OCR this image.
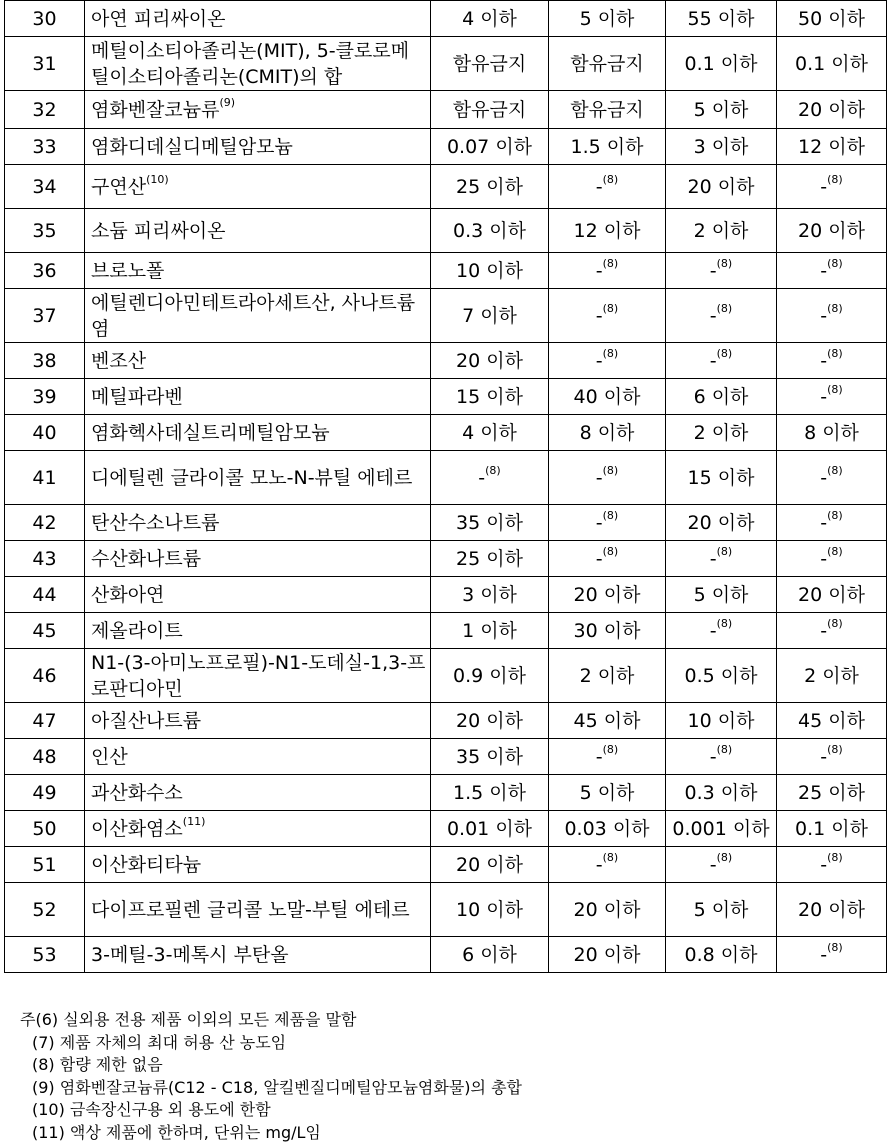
30	아연 피리싸이온	4 이하	5 이하	55 이하	50 이하
31	메틸이소티아졸리논(MIT), 5-클로로메틸이소티아졸리논(CMIT)의 합	함유금지	함유금지	0.1 이하	0.1 이하
32	염화벤잘코늄류$^{(9)}$	함유금지	함유금지	5 이하	20 이하
33	염화디데실디메틸암모늄	0.07 이하	1.5 이하	3 이하	12 이하
34	구연산$^{(10)}$	25 이하	-$^{(8)}$	20 이하	-$^{(8)}$
35	소듐 피리싸이온	0.3 이하	12 이하	2 이하	20 이하
36	브로노폴	10 이하	-$^{(8)}$	-$^{(8)}$	-$^{(8)}$
37	에틸렌디아민테트라아세트산, 사나트륨염	7 이하	-$^{(8)}$	-$^{(8)}$	-$^{(8)}$
38	벤조산	20 이하	-$^{(8)}$	-$^{(8)}$	-$^{(8)}$
39	메틸파라벤	15 이하	40 이하	6 이하	-$^{(8)}$
40	염화헥사데실트리메틸암모늄	4 이하	8 이하	2 이하	8 이하
41	디에틸렌 글라이콜 모노-N-뷰틸 에테르	-$^{(8)}$	-$^{(8)}$	15 이하	-$^{(8)}$
42	탄산수소나트륨	35 이하	-$^{(8)}$	20 이하	-$^{(8)}$
43	수산화나트륨	25 이하	-$^{(8)}$	-$^{(8)}$	-$^{(8)}$
44	산화아연	3 이하	20 이하	5 이하	20 이하
45	제올라이트	1 이하	30 이하	-$^{(8)}$	-$^{(8)}$
46	N1-(3-아미노프로필)-N1-도데실-1,3-프로판디아민	0.9 이하	2 이하	0.5 이하	2 이하
47	아질산나트륨	20 이하	45 이하	10 이하	45 이하
48	인산	35 이하	-$^{(8)}$	-$^{(8)}$	-$^{(8)}$
49	과산화수소	1.5 이하	5 이하	0.3 이하	25 이하
50	이산화염소$^{(11)}$	0.01 이하	0.03 이하	0.001 이하	0.1 이하
51	이산화티타늄	20 이하	-$^{(8)}$	-$^{(8)}$	-$^{(8)}$
52	다이프로필렌 글리콜 노말-부틸 에테르	10 이하	20 이하	5 이하	20 이하
53	3-메틸-3-메톡시 부탄올	6 이하	20 이하	0.8 이하	-$^{(8)}$
주(6) 실외용 전용 제품 이외의 모든 제품을 말함
(7) 제품 자체의 최대 허용 산 농도임
(8) 함량 제한 없음
(9) 염화벤잘코늄류(C12 - C18, 알킬벤질디메틸암모늄염화물)의 총합
(10) 금속장신구용 외 용도에 한함
(11) 액상 제품에 한하며, 단위는 mg/L임
